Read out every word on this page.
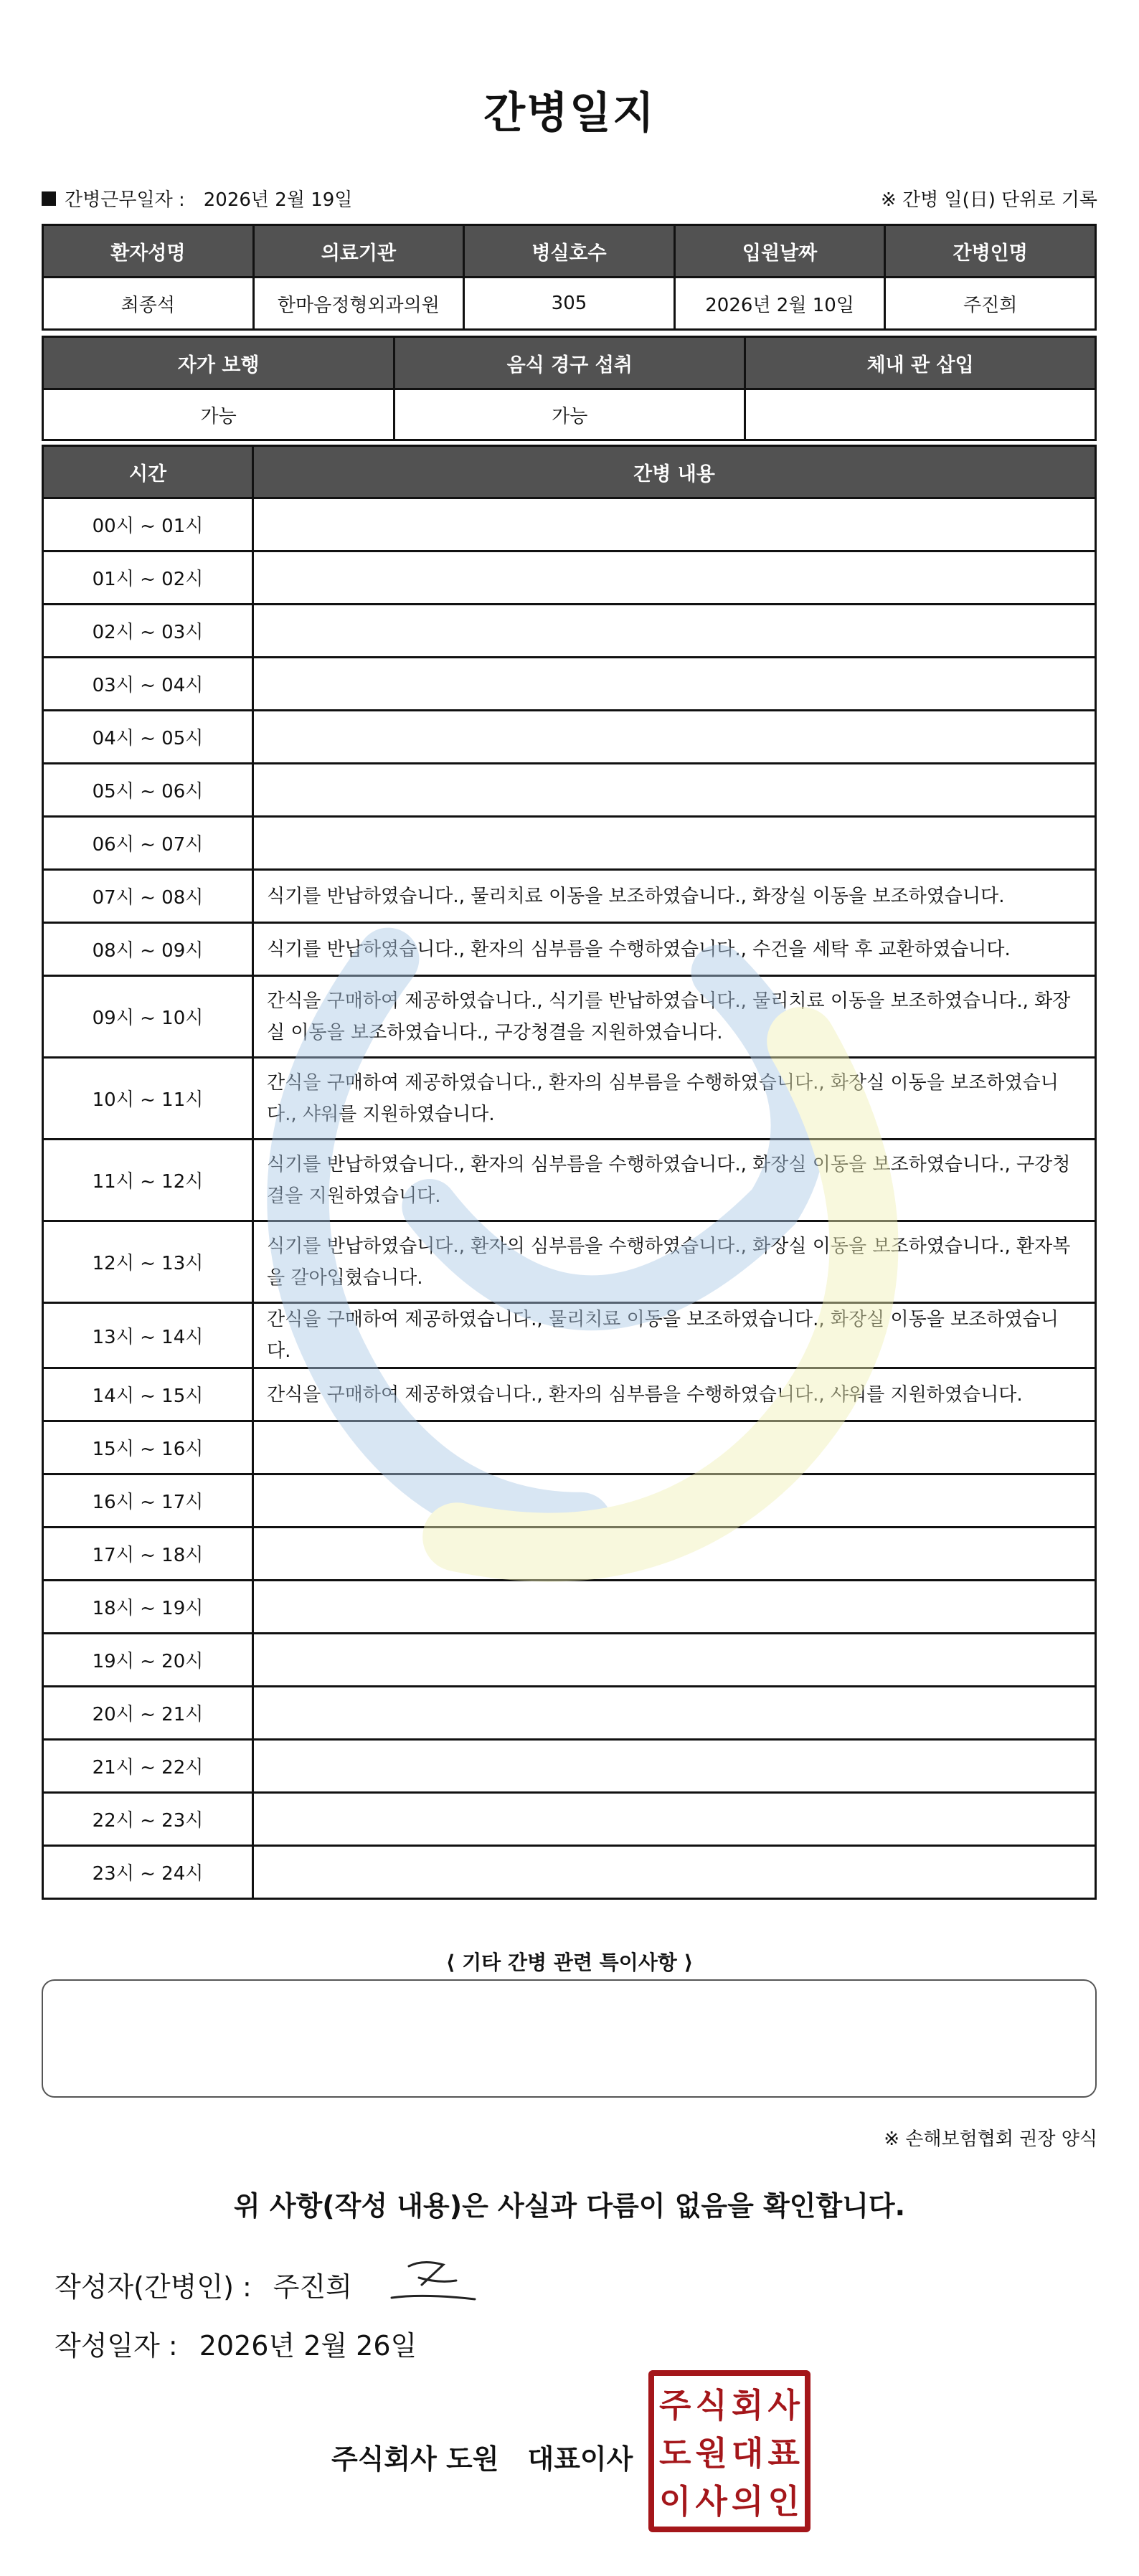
간병일지
간병근무일자 : 2026년 2월 19일	※ 간병 일(日) 단위로 기록
환자성명	의료기관	병실호수	입원날짜	간병인명
최종석	한마음정형외과의원	305	2026년 2월 10일	주진희
자가 보행	음식 경구 섭취	체내 관 삽입
가능	가능	
시간	간병 내용
00시 ~ 01시	
01시 ~ 02시	
02시 ~ 03시	
03시 ~ 04시	
04시 ~ 05시	
05시 ~ 06시	
06시 ~ 07시	
07시 ~ 08시	식기를 반납하였습니다., 물리치료 이동을 보조하였습니다., 화장실 이동을 보조하였습니다.
08시 ~ 09시	식기를 반납하였습니다., 환자의 심부름을 수행하였습니다., 수건을 세탁 후 교환하였습니다.
09시 ~ 10시	간식을 구매하여 제공하였습니다., 식기를 반납하였습니다., 물리치료 이동을 보조하였습니다., 화장실 이동을 보조하였습니다., 구강청결을 지원하였습니다.
10시 ~ 11시	간식을 구매하여 제공하였습니다., 환자의 심부름을 수행하였습니다., 화장실 이동을 보조하였습니다., 샤워를 지원하였습니다.
11시 ~ 12시	식기를 반납하였습니다., 환자의 심부름을 수행하였습니다., 화장실 이동을 보조하였습니다., 구강청결을 지원하였습니다.
12시 ~ 13시	식기를 반납하였습니다., 환자의 심부름을 수행하였습니다., 화장실 이동을 보조하였습니다., 환자복을 갈아입혔습니다.
13시 ~ 14시	간식을 구매하여 제공하였습니다., 물리치료 이동을 보조하였습니다., 화장실 이동을 보조하였습니다.
14시 ~ 15시	간식을 구매하여 제공하였습니다., 환자의 심부름을 수행하였습니다., 샤워를 지원하였습니다.
15시 ~ 16시	
16시 ~ 17시	
17시 ~ 18시	
18시 ~ 19시	
19시 ~ 20시	
20시 ~ 21시	
21시 ~ 22시	
22시 ~ 23시	
23시 ~ 24시	
⟨ 기타 간병 관련 특이사항 ⟩
※ 손해보험협회 권장 양식
위 사항(작성 내용)은 사실과 다름이 없음을 확인합니다.
작성자(간병인) : 주진희
작성일자 : 2026년 2월 26일
주식회사 도원 대표이사
주 식 회 사
도 원 대 표
이 사 의 인
